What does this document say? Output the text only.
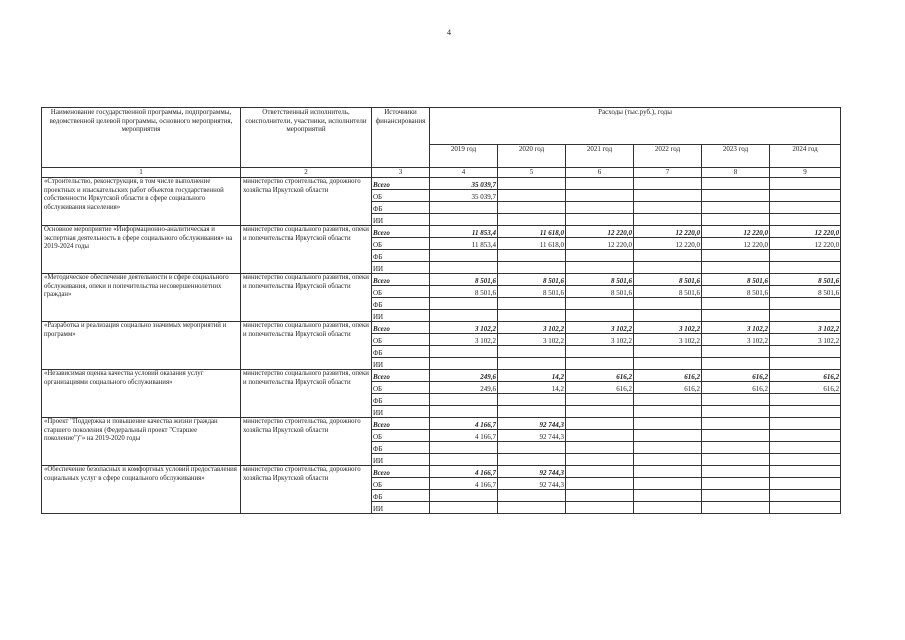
4
Наименование государственной программы, подпрограммы, ведомственной целевой программы, основного мероприятия, мероприятия	Ответственный исполнитель, соисполнители, участники, исполнители мероприятий	Источники финансирования	Расходы (тыс.руб.), годы					
			2019 год	2020 год	2021 год	2022 год	2023 год	2024 год
1	2	3	4	5	6	7	8	9
«Строительство, реконструкция, в том числе выполнение проектных и изыскательских работ объектов государственной собственности Иркутской области в сфере социального обслуживания населения»	министерство строительства, дорожного хозяйства Иркутской области	Всего	35 039,7					
		ОБ	35 039,7					
		ФБ						
		ИИ						
Основное мероприятие «Информационно-аналитическая и экспертная деятельность в сфере социального обслуживания» на 2019-2024 годы	министерство социального развития, опеки и попечительства Иркутской области	Всего	11 853,4	11 618,0	12 220,0	12 220,0	12 220,0	12 220,0
		ОБ	11 853,4	11 618,0	12 220,0	12 220,0	12 220,0	12 220,0
		ФБ						
		ИИ						
«Методическое обеспечение деятельности в сфере социального обслуживания, опеки и попечительства несовершеннолетних граждан»	министерство социального развития, опеки и попечительства Иркутской области	Всего	8 501,6	8 501,6	8 501,6	8 501,6	8 501,6	8 501,6
		ОБ	8 501,6	8 501,6	8 501,6	8 501,6	8 501,6	8 501,6
		ФБ						
		ИИ						
«Разработка и реализация социально значимых мероприятий и программ»	министерство социального развития, опеки и попечительства Иркутской области	Всего	3 102,2	3 102,2	3 102,2	3 102,2	3 102,2	3 102,2
		ОБ	3 102,2	3 102,2	3 102,2	3 102,2	3 102,2	3 102,2
		ФБ						
		ИИ						
«Независимая оценка качества условий оказания услуг организациями социального обслуживания»	министерство социального развития, опеки и попечительства Иркутской области	Всего	249,6	14,2	616,2	616,2	616,2	616,2
		ОБ	249,6	14,2	616,2	616,2	616,2	616,2
		ФБ						
		ИИ						
«Проект "Поддержка и повышение качества жизни граждан старшего поколения (Федеральный проект "Старшее поколение")"» на 2019-2020 годы	министерство строительства, дорожного хозяйства Иркутской области	Всего	4 166,7	92 744,3				
		ОБ	4 166,7	92 744,3				
		ФБ						
		ИИ						
«Обеспечение безопасных и комфортных условий предоставления социальных услуг в сфере социального обслуживания»	министерство строительства, дорожного хозяйства Иркутской области	Всего	4 166,7	92 744,3				
		ОБ	4 166,7	92 744,3				
		ФБ						
		ИИ						
